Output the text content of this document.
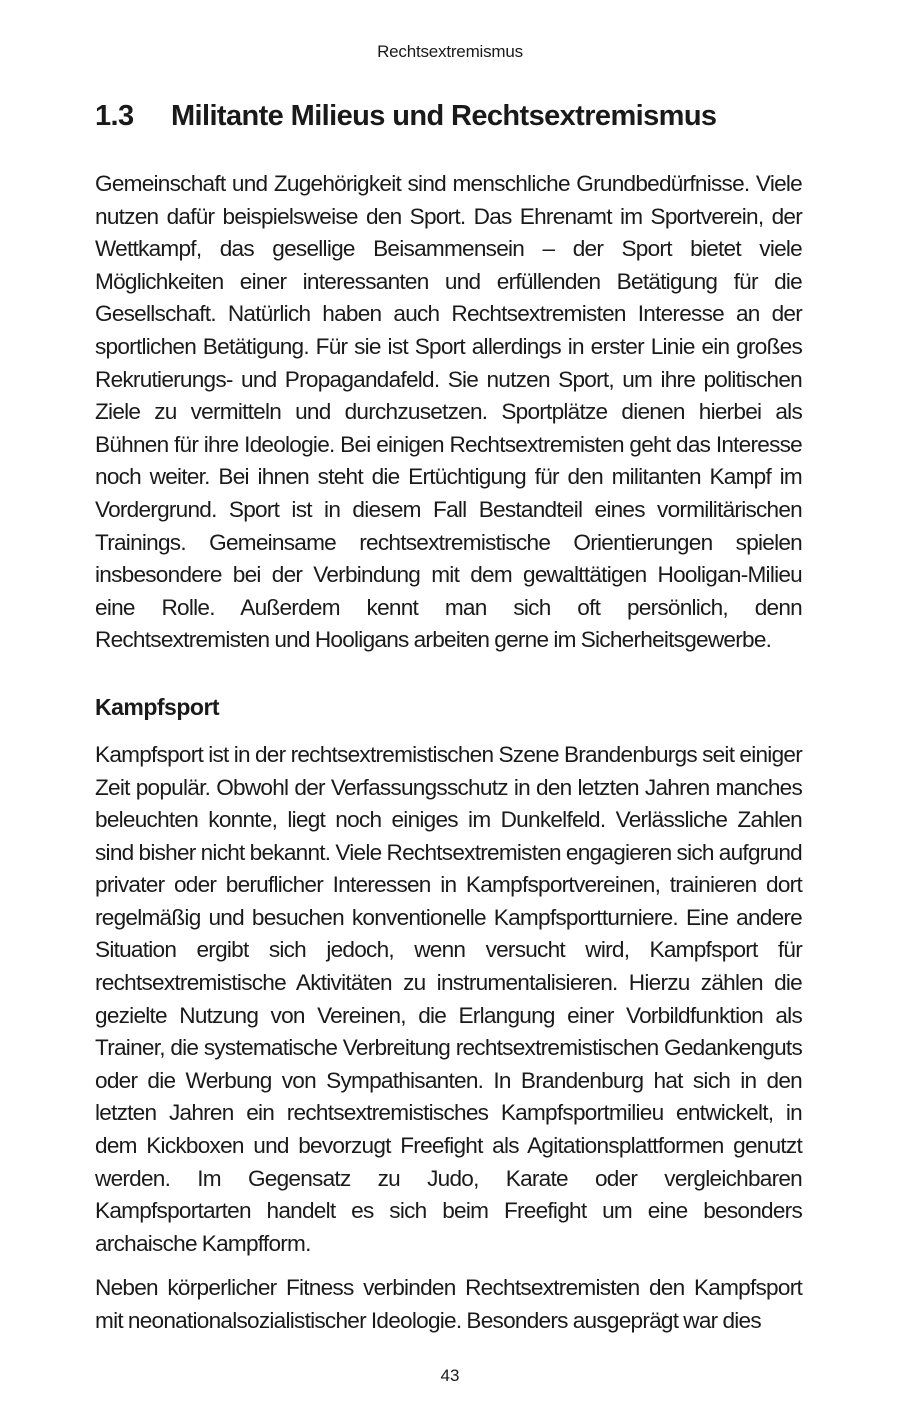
Rechtsextremismus
1.3	Militante Milieus und Rechtsextremismus

Gemeinschaft und Zugehörigkeit sind menschliche Grundbedürfnisse. Viele nutzen dafür beispielsweise den Sport. Das Ehrenamt im Sportverein, der Wettkampf, das gesellige Beisammensein – der Sport bietet viele Möglichkeiten einer interessanten und erfüllenden Betätigung für die Gesellschaft. Natürlich haben auch Rechtsextremisten Interesse an der sportlichen Betätigung. Für sie ist Sport allerdings in erster Linie ein großes Rekrutierungs- und Propagandafeld. Sie nutzen Sport, um ihre politischen Ziele zu vermitteln und durchzusetzen. Sportplätze dienen hierbei als Bühnen für ihre Ideologie. Bei einigen Rechtsextremisten geht das Interesse noch weiter. Bei ihnen steht die Ertüchtigung für den militanten Kampf im Vordergrund. Sport ist in diesem Fall Bestandteil eines vormilitärischen Trainings. Gemeinsame rechtsextremistische Orientierungen spielen insbesondere bei der Verbindung mit dem gewalttätigen Hooligan-Milieu eine Rolle. Außerdem kennt man sich oft persönlich, denn Rechtsextremisten und Hooligans arbeiten gerne im Sicherheitsgewerbe.

Kampfsport

Kampfsport ist in der rechtsextremistischen Szene Brandenburgs seit einiger Zeit populär. Obwohl der Verfassungsschutz in den letzten Jahren manches beleuchten konnte, liegt noch einiges im Dunkelfeld. Verlässliche Zahlen sind bisher nicht bekannt. Viele Rechtsextremisten engagieren sich aufgrund privater oder beruflicher Interessen in Kampfsportvereinen, trainieren dort regelmäßig und besuchen konventionelle Kampfsportturniere. Eine andere Situation ergibt sich jedoch, wenn versucht wird, Kampfsport für rechtsextremistische Aktivitäten zu instrumentalisieren. Hierzu zählen die gezielte Nutzung von Vereinen, die Erlangung einer Vorbildfunktion als Trainer, die systematische Verbreitung rechtsextremistischen Gedankenguts oder die Werbung von Sympathisanten. In Brandenburg hat sich in den letzten Jahren ein rechtsextremistisches Kampfsportmilieu entwickelt, in dem Kickboxen und bevorzugt Freefight als Agitationsplattformen genutzt werden. Im Gegensatz zu Judo, Karate oder vergleichbaren Kampfsportarten handelt es sich beim Freefight um eine besonders archaische Kampfform.

Neben körperlicher Fitness verbinden Rechtsextremisten den Kampfsport mit neonationalsozialistischer Ideologie. Besonders ausgeprägt war dies

43
